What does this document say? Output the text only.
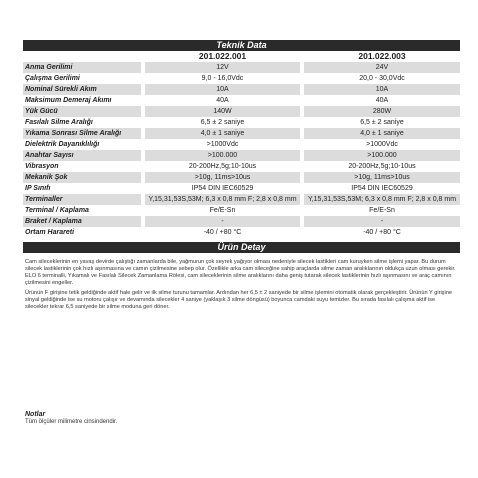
Teknik Data
		201.022.001		201.022.003
Anma Gerilimi		12V		24V
Çalışma Gerilimi		9,0 - 16,0Vdc		20,0 - 30,0Vdc
Nominal Sürekli Akım		10A		10A
Maksimum Demeraj Akımı		40A		40A
Yük Gücü		140W		280W
Fasılalı Silme Aralığı		6,5 ± 2 saniye		6,5 ± 2 saniye
Yıkama Sonrası Silme Aralığı		4,0 ± 1 saniye		4,0 ± 1 saniye
Dielektrik Dayanıklılığı		>1000Vdc		>1000Vdc
Anahtar Sayısı		>100.000		>100.000
Vibrasyon		20-200Hz,5g;10-10us		20-200Hz,5g;10-10us
Mekanik Şok		>10g, 11ms>10us		>10g, 11ms>10us
IP Sınıfı		IP54 DIN IEC60529		IP54 DIN IEC60529
Terminaller		Y,15,31,53S,53M; 6,3 x 0,8 mm F; 2,8 x 0,8 mm		Y,15,31,53S,53M; 6,3 x 0,8 mm F; 2,8 x 0,8 mm
Terminal / Kaplama		Fe/E-Sn		Fe/E-Sn
Braket / Kaplama		-		-
Ortam Harareti		-40 / +80 °C		-40 / +80 °C
Ürün Detay

Cam sileceklerinin en yavaş devirde çalıştığı zamanlarda bile, yağmurun çok seyrek yağıyor olması nedeniyle silecek lastikleri cam kuruyken silme işlemi yapar. Bu durum silecek lastiklerinin çok hızlı aşınmasına ve camın çizilmesine sebep olur. Özellikle arka cam sileceğine sahip araçlarda silme zaman aralıklarının oldukça uzun olması gerekir. ELO 6 terminalli, Yıkamalı ve Fasılalı Silecek Zamanlama Rölesi, cam sileceklerinin silme aralıklarını daha geniş tutarak silecek lastiklerinin hızlı aşınmasını ve araç camının çizilmesini engeller.

Ürünün F girişine tetik geldiğinde aktif hale gelir ve ilk silme turunu tamamlar. Ardından her 6,5 ± 2 saniyede bir silme işlemini otomatik olarak gerçekleştirir. Ürünün Y girişine sinyal geldiğinde ise su motoru çalışır ve devamında silecekler 4 saniye (yaklaşık 3 silme döngüsü) boyunca camdaki suyu temizler. Bu sırada fasılalı çalışma aktif ise silecekler tekrar 6,5 saniyede bir silme moduna geri döner.

Notlar
Tüm ölçüler milimetre cinsindendir.
